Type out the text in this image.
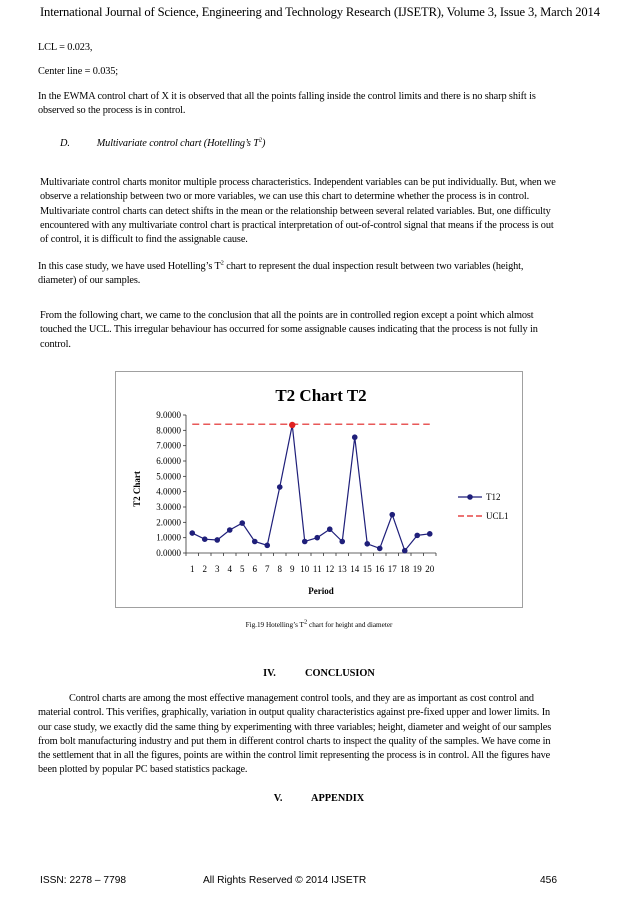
International Journal of Science, Engineering and Technology Research (IJSETR), Volume 3, Issue 3, March 2014
LCL = 0.023,
Center line = 0.035;
In the EWMA control chart of X it is observed that all the points falling inside the control limits and there is no sharp shift is
observed so the process is in control.
D.	Multivariate control chart (Hotelling’s $T^2$)
Multivariate control charts monitor multiple process characteristics. Independent variables can be put individually. But, when we
observe a relationship between two or more variables, we can use this chart to determine whether the process is in control.
Multivariate control charts can detect shifts in the mean or the relationship between several related variables. But, one difficulty
encountered with any multivariate control chart is practical interpretation of out-of-control signal that means if the process is out
of control, it is difficult to find the assignable cause.
In this case study, we have used Hotelling’s $T^2$ chart to represent the dual inspection result between two variables (height,
diameter) of our samples.
From the following chart, we came to the conclusion that all the points are in controlled region except a point which almost
touched the UCL. This irregular behaviour has occurred for some assignable causes indicating that the process is not fully in
control.
T2 Chart T2
0.0000
1.0000
2.0000
3.0000
4.0000
5.0000
6.0000
7.0000
8.0000
9.0000
1 2 3 4 5 6 7 8 9 10 11 12 13 14 15 16 17 18 19 20
Period
T2 Chart	T12
UCL1
Fig.19 Hotelling’s $T^2$ chart for height and diameter
IV.	CONCLUSION
Control charts are among the most effective management control tools, and they are as important as cost control and
material control. This verifies, graphically, variation in output quality characteristics against pre-fixed upper and lower limits. In
our case study, we exactly did the same thing by experimenting with three variables; height, diameter and weight of our samples
from bolt manufacturing industry and put them in different control charts to inspect the quality of the samples. We have come in
the settlement that in all the figures, points are within the control limit representing the process is in control. All the figures have
been plotted by popular PC based statistics package.
V.	APPENDIX
ISSN: 2278 – 7798	All Rights Reserved © 2014 IJSETR	456
